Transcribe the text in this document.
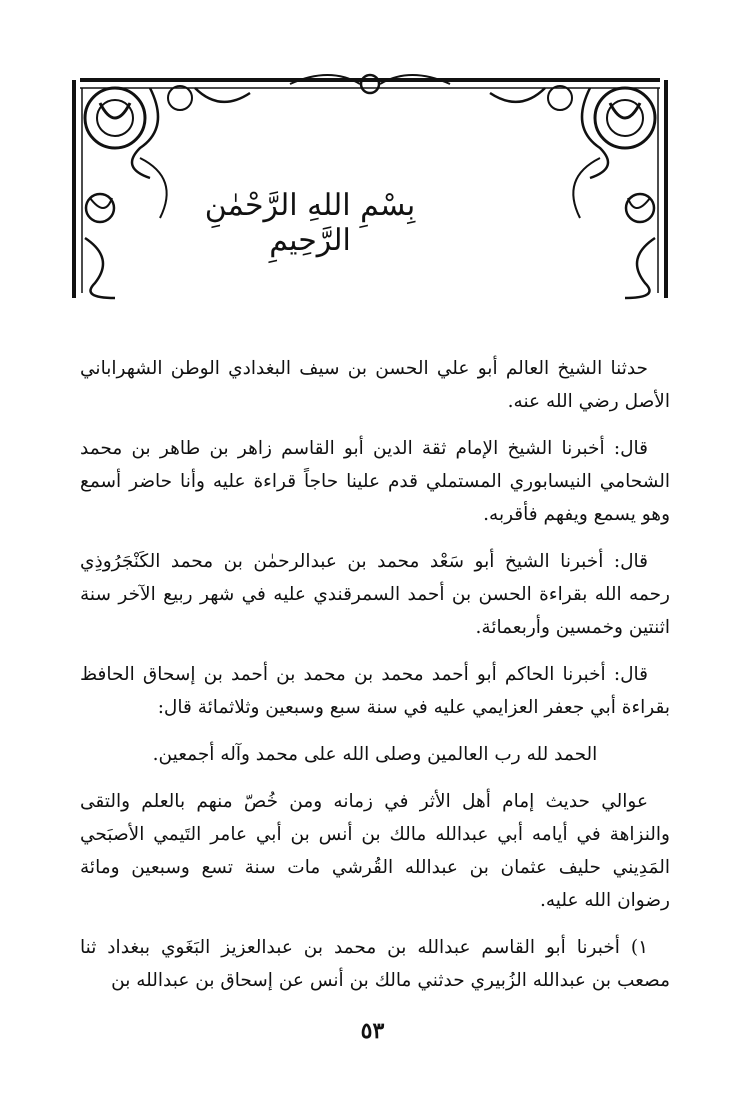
بِسْمِ اللهِ الرَّحْمٰنِ الرَّحِيمِ

حدثنا الشيخ العالم أبو علي الحسن بن سيف البغدادي الوطن الشهراباني الأصل رضي الله عنه.

قال: أخبرنا الشيخ الإمام ثقة الدين أبو القاسم زاهر بن طاهر بن محمد الشحامي النيسابوري المستملي قدم علينا حاجاً قراءة عليه وأنا حاضر أسمع وهو يسمع ويفهم فأقربه.

قال: أخبرنا الشيخ أبو سَعْد محمد بن عبدالرحمٰن بن محمد الكَنْجَرُوذِي رحمه الله بقراءة الحسن بن أحمد السمرقندي عليه في شهر ربيع الآخر سنة اثنتين وخمسين وأربعمائة.

قال: أخبرنا الحاكم أبو أحمد محمد بن محمد بن أحمد بن إسحاق الحافظ بقراءة أبي جعفر العزايمي عليه في سنة سبع وسبعين وثلاثمائة قال:

الحمد لله رب العالمين وصلى الله على محمد وآله أجمعين.

عوالي حديث إمام أهل الأثر في زمانه ومن خُصّ منهم بالعلم والتقى والنزاهة في أيامه أبي عبدالله مالك بن أنس بن أبي عامر التَيمي الأصبَحي المَدِيني حليف عثمان بن عبدالله القُرشي مات سنة تسع وسبعين ومائة رضوان الله عليه.

١) أخبرنا أبو القاسم عبدالله بن محمد بن عبدالعزيز البَغَوي ببغداد ثنا مصعب بن عبدالله الزُبيري حدثني مالك بن أنس عن إسحاق بن عبدالله بن

٥٣
